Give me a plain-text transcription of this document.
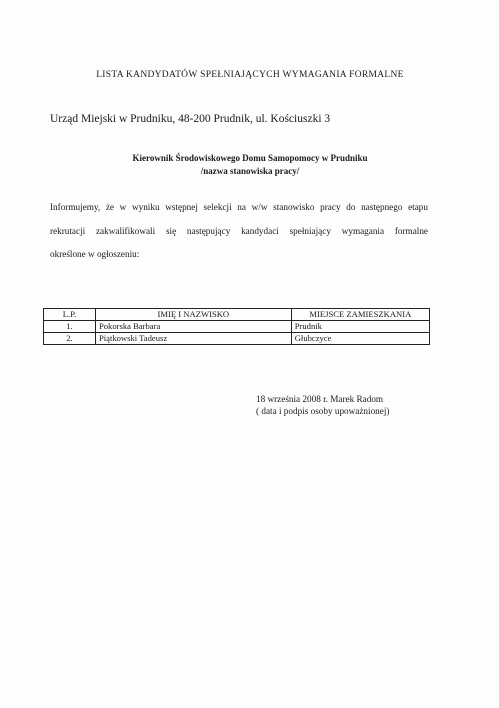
LISTA KANDYDATÓW SPEŁNIAJĄCYCH WYMAGANIA FORMALNE
Urząd Miejski w Prudniku, 48-200 Prudnik, ul. Kościuszki 3
Kierownik Środowiskowego Domu Samopomocy w Prudniku
/nazwa stanowiska pracy/
Informujemy, że w wyniku wstępnej selekcji na w/w stanowisko pracy do następnego etapu
rekrutacji zakwalifikowali się następujący kandydaci spełniający wymagania formalne
określone w ogłoszeniu:
L.P.	IMIĘ I NAZWISKO	MIEJSCE ZAMIESZKANIA
1.	Pokorska Barbara	Prudnik
2.	Piątkowski Tadeusz	Głubczyce
18 września 2008 r. Marek Radom
( data i podpis osoby upoważnionej)
